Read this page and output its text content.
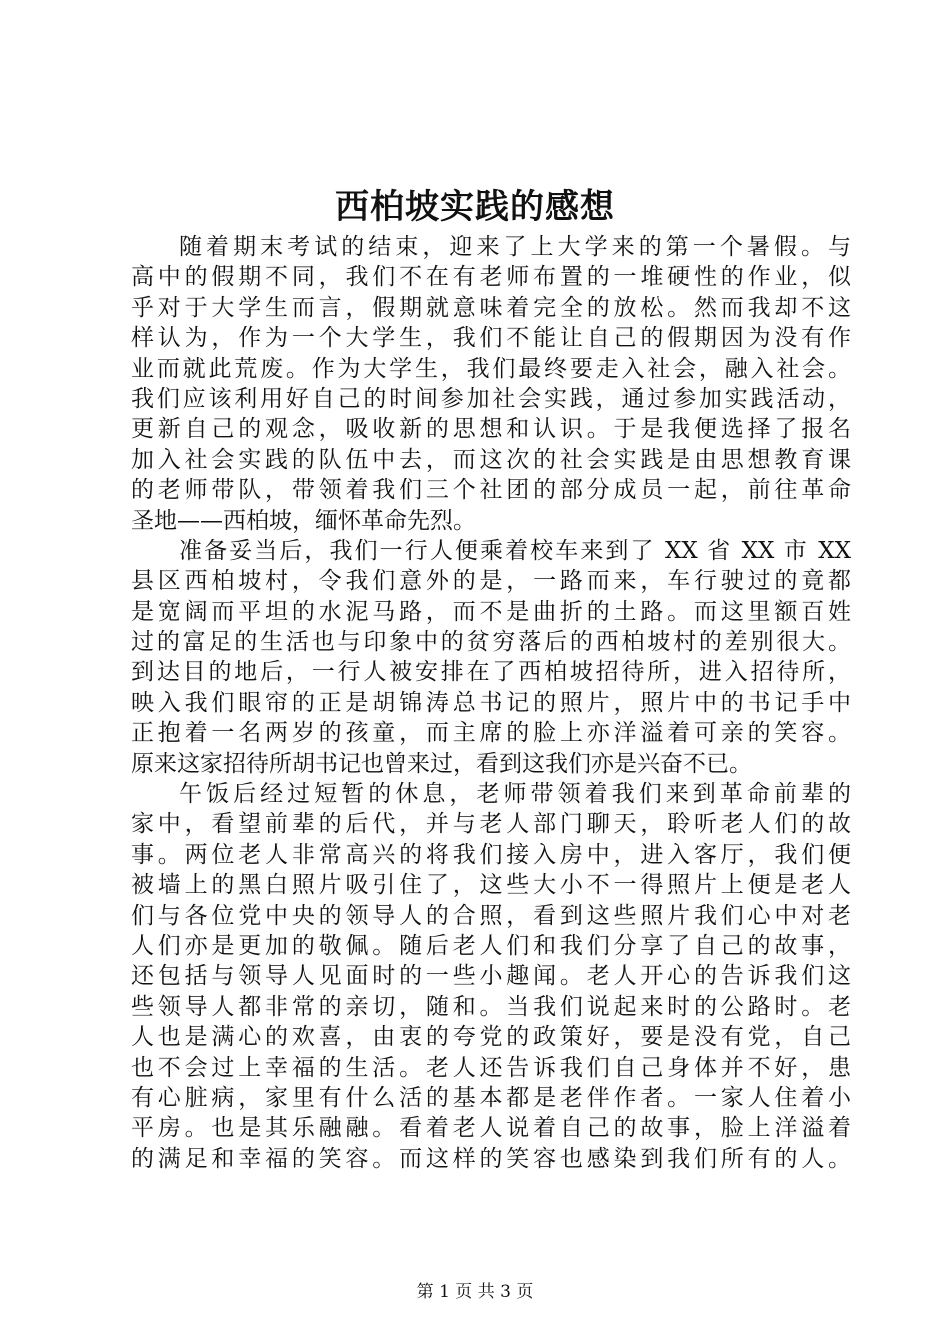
西柏坡实践的感想
随着期末考试的结束，迎来了上大学来的第一个暑假。与
高中的假期不同，我们不在有老师布置的一堆硬性的作业，似
乎对于大学生而言，假期就意味着完全的放松。然而我却不这
样认为，作为一个大学生，我们不能让自己的假期因为没有作
业而就此荒废。作为大学生，我们最终要走入社会，融入社会。
我们应该利用好自己的时间参加社会实践，通过参加实践活动，
更新自己的观念，吸收新的思想和认识。于是我便选择了报名
加入社会实践的队伍中去，而这次的社会实践是由思想教育课
的老师带队，带领着我们三个社团的部分成员一起，前往革命
圣地——西柏坡，缅怀革命先烈。
准备妥当后，我们一行人便乘着校车来到了 XX 省 XX 市 XX
县区西柏坡村，令我们意外的是，一路而来，车行驶过的竟都
是宽阔而平坦的水泥马路，而不是曲折的土路。而这里额百姓
过的富足的生活也与印象中的贫穷落后的西柏坡村的差别很大。
到达目的地后，一行人被安排在了西柏坡招待所，进入招待所，
映入我们眼帘的正是胡锦涛总书记的照片，照片中的书记手中
正抱着一名两岁的孩童，而主席的脸上亦洋溢着可亲的笑容。
原来这家招待所胡书记也曾来过，看到这我们亦是兴奋不已。
午饭后经过短暂的休息，老师带领着我们来到革命前辈的
家中，看望前辈的后代，并与老人部门聊天，聆听老人们的故
事。两位老人非常高兴的将我们接入房中，进入客厅，我们便
被墙上的黑白照片吸引住了，这些大小不一得照片上便是老人
们与各位党中央的领导人的合照，看到这些照片我们心中对老
人们亦是更加的敬佩。随后老人们和我们分享了自己的故事，
还包括与领导人见面时的一些小趣闻。老人开心的告诉我们这
些领导人都非常的亲切，随和。当我们说起来时的公路时。老
人也是满心的欢喜，由衷的夸党的政策好，要是没有党，自己
也不会过上幸福的生活。老人还告诉我们自己身体并不好，患
有心脏病，家里有什么活的基本都是老伴作者。一家人住着小
平房。也是其乐融融。看着老人说着自己的故事，脸上洋溢着
的满足和幸福的笑容。而这样的笑容也感染到我们所有的人。
第 1 页 共 3 页
